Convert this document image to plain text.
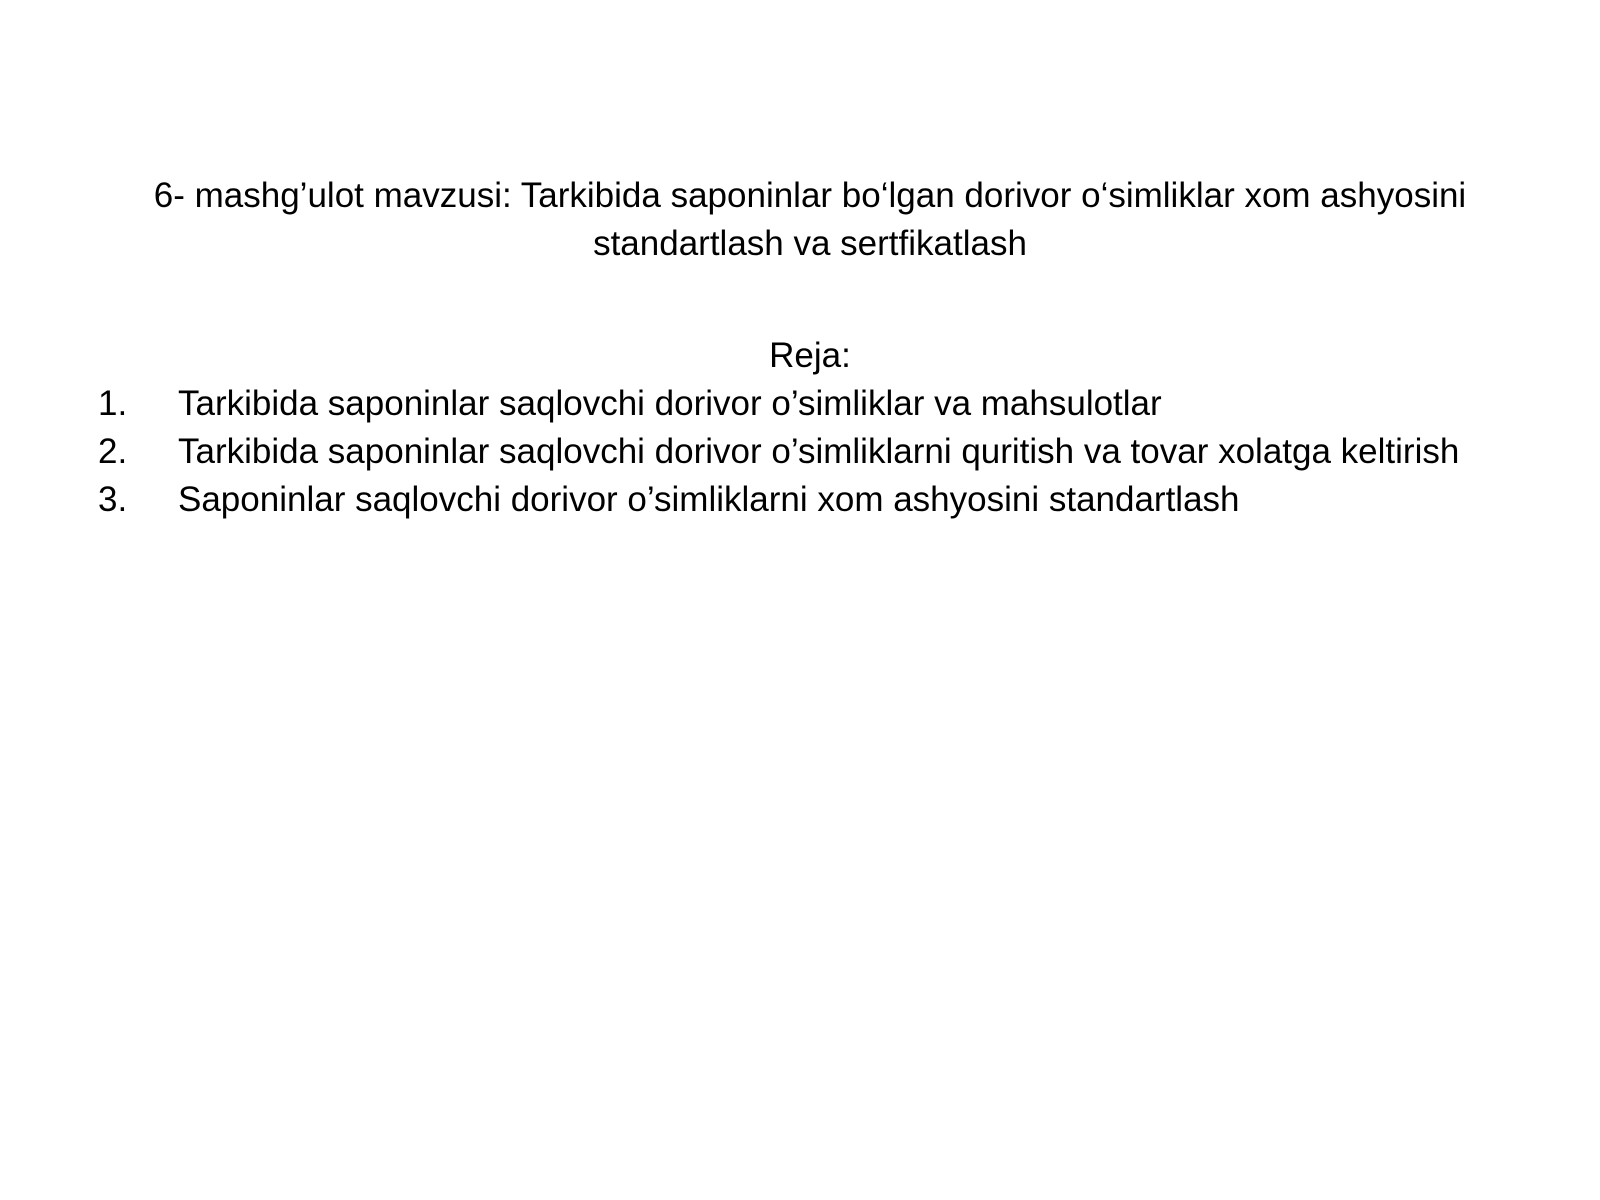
6- mashg’ulot mavzusi: Tarkibida saponinlar bo‘lgan dorivor o‘simliklar xom ashyosini
standartlash va sertfikatlash
Reja:
1.	Tarkibida saponinlar saqlovchi dorivor o’simliklar va mahsulotlar
2.	Tarkibida saponinlar saqlovchi dorivor o’simliklarni quritish va tovar xolatga keltirish
3.	Saponinlar saqlovchi dorivor o’simliklarni xom ashyosini standartlash
